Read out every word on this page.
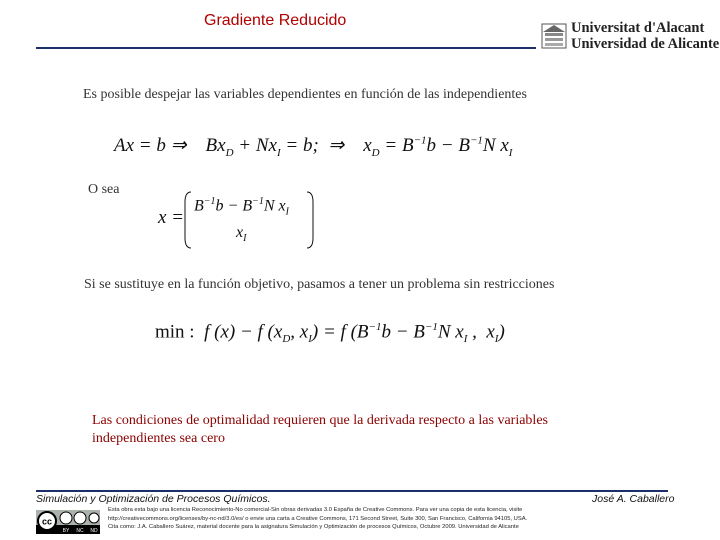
Gradiente Reducido	Universitat d'Alacant
Universidad de Alicante
Es posible despejar las variables dependientes en función de las independientes
Ax = b ⇒    $Bx_D + Nx_I = b$;  ⇒    $x_D = B^{-1}b - B^{-1}N$ $x_I$
O sea
x =
$B^{-1}b - B^{-1}N$ $x_I$
$x_I$
Si se sustituye en la función objetivo, pasamos a tener un problema sin restricciones
min :  f (x) − f ($x_D$, $x_I) = f$ ($B^{-1}b - B^{-1}N$ $x_I$ ,  $x_I$)
Las condiciones de optimalidad requieren que la derivada respecto a las variables
independientes sea cero
Simulación y Optimización de Procesos Químicos.	José A. Caballero
cc
BY NC ND
Esta obra esta bajo una licencia Reconocimiento-No comercial-Sin obras derivadas 3.0 España de Creative Commons. Para ver una copia de esta licencia, visite
http://creativecommons.org/licenses/by-nc-nd/3.0/es/ o envie una carta a Creative Commons, 171 Second Street, Suite 300, San Francisco, California 94105, USA.
Cita como: J.A. Caballero Suárez, material docente para la asignatura Simulación y Optimización de procesos Químicos, Octubre 2009. Universidad de Alicante
